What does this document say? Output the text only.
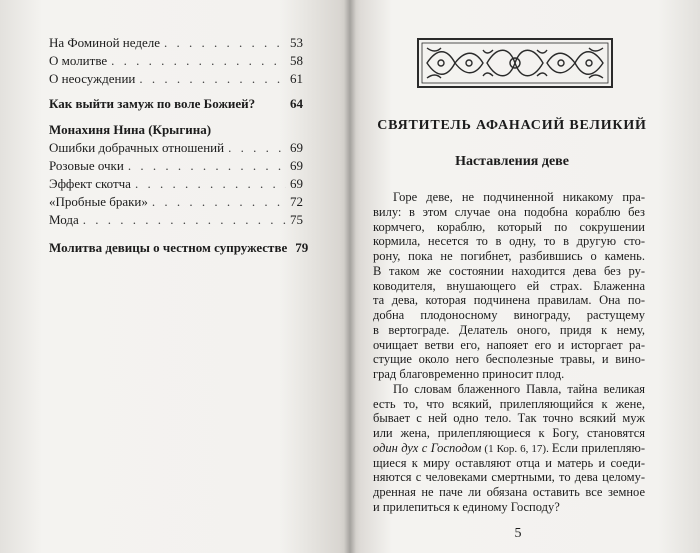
На Фоминой неделе . . .	53
О молитве . . .	58
О неосуждении . . .	61
Как выйти замуж по воле Божией?	64
Монахиня Нина (Крыгина)
Ошибки добрачных отношений . . .	69
Розовые очки . . .	69
Эффект скотча . . .	69
«Пробные браки» . . .	72
Мода . . .	75
Молитва девицы о честном супружестве 79
СВЯТИТЕЛЬ АФАНАСИЙ ВЕЛИКИЙ
Наставления деве
5
Горе деве, не подчиненной никакому пра-
вилу: в этом случае она подобна кораблю без
кормчего, кораблю, который по сокрушении
кормила, несется то в одну, то в другую сто-
рону, пока не погибнет, разбившись о камень.
В таком же состоянии находится дева без ру-
ководителя, внушающего ей страх. Блаженна
та дева, которая подчинена правилам. Она по-
добна плодоносному винограду, растущему
в вертограде. Делатель оного, придя к нему,
очищает ветви его, напояет его и исторгает ра-
стущие около него бесполезные травы, и вино-
град благовременно приносит плод.
По словам блаженного Павла, тайна великая
есть то, что всякий, прилепляющийся к жене,
бывает с ней одно тело. Так точно всякий муж
или жена, прилепляющиеся к Богу, становятся
один дух с Господом (1 Кор. 6, 17). Если прилепляю-
щиеся к миру оставляют отца и матерь и соеди-
няются с человеками смертными, то дева целому-
дренная не паче ли обязана оставить все земное
и прилепиться к единому Господу?
